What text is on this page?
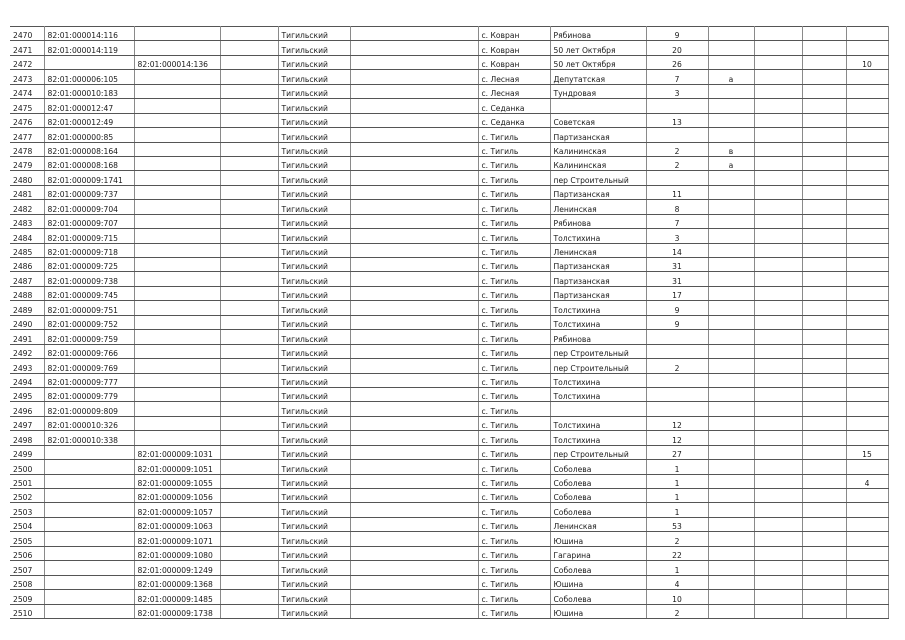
2470	82:01:000014:116			Тигильский		с. Ковран	Рябиновa	9				
2471	82:01:000014:119			Тигильский		с. Ковран	50 лет Октября	20				
2472		82:01:000014:136		Тигильский		с. Ковран	50 лет Октября	26				10
2473	82:01:000006:105			Тигильский		с. Лесная	Депутатская	7	а			
2474	82:01:000010:183			Тигильский		с. Лесная	Тундровая	3				
2475	82:01:000012:47			Тигильский		с. Седанка						
2476	82:01:000012:49			Тигильский		с. Седанка	Советская	13				
2477	82:01:000000:85			Тигильский		с. Тигиль	Партизанская					
2478	82:01:000008:164			Тигильский		с. Тигиль	Калининская	2	в			
2479	82:01:000008:168			Тигильский		с. Тигиль	Калининская	2	а			
2480	82:01:000009:1741			Тигильский		с. Тигиль	пер Строительный					
2481	82:01:000009:737			Тигильский		с. Тигиль	Партизанская	11				
2482	82:01:000009:704			Тигильский		с. Тигиль	Ленинская	8				
2483	82:01:000009:707			Тигильский		с. Тигиль	Рябинова	7				
2484	82:01:000009:715			Тигильский		с. Тигиль	Толстихина	3				
2485	82:01:000009:718			Тигильский		с. Тигиль	Ленинская	14				
2486	82:01:000009:725			Тигильский		с. Тигиль	Партизанская	31				
2487	82:01:000009:738			Тигильский		с. Тигиль	Партизанская	31				
2488	82:01:000009:745			Тигильский		с. Тигиль	Партизанская	17				
2489	82:01:000009:751			Тигильский		с. Тигиль	Толстихина	9				
2490	82:01:000009:752			Тигильский		с. Тигиль	Толстихина	9				
2491	82:01:000009:759			Тигильский		с. Тигиль	Рябинова					
2492	82:01:000009:766			Тигильский		с. Тигиль	пер Строительный					
2493	82:01:000009:769			Тигильский		с. Тигиль	пер Строительный	2				
2494	82:01:000009:777			Тигильский		с. Тигиль	Толстихина					
2495	82:01:000009:779			Тигильский		с. Тигиль	Толстихина					
2496	82:01:000009:809			Тигильский		с. Тигиль						
2497	82:01:000010:326			Тигильский		с. Тигиль	Толстихина	12				
2498	82:01:000010:338			Тигильский		с. Тигиль	Толстихина	12				
2499		82:01:000009:1031		Тигильский		с. Тигиль	пер Строительный	27				15
2500		82:01:000009:1051		Тигильский		с. Тигиль	Соболева	1				
2501		82:01:000009:1055		Тигильский		с. Тигиль	Соболева	1				4
2502		82:01:000009:1056		Тигильский		с. Тигиль	Соболева	1				
2503		82:01:000009:1057		Тигильский		с. Тигиль	Соболева	1				
2504		82:01:000009:1063		Тигильский		с. Тигиль	Ленинская	53				
2505		82:01:000009:1071		Тигильский		с. Тигиль	Юшина	2				
2506		82:01:000009:1080		Тигильский		с. Тигиль	Гагарина	22				
2507		82:01:000009:1249		Тигильский		с. Тигиль	Соболева	1				
2508		82:01:000009:1368		Тигильский		с. Тигиль	Юшина	4				
2509		82:01:000009:1485		Тигильский		с. Тигиль	Соболева	10				
2510		82:01:000009:1738		Тигильский		с. Тигиль	Юшина	2				
